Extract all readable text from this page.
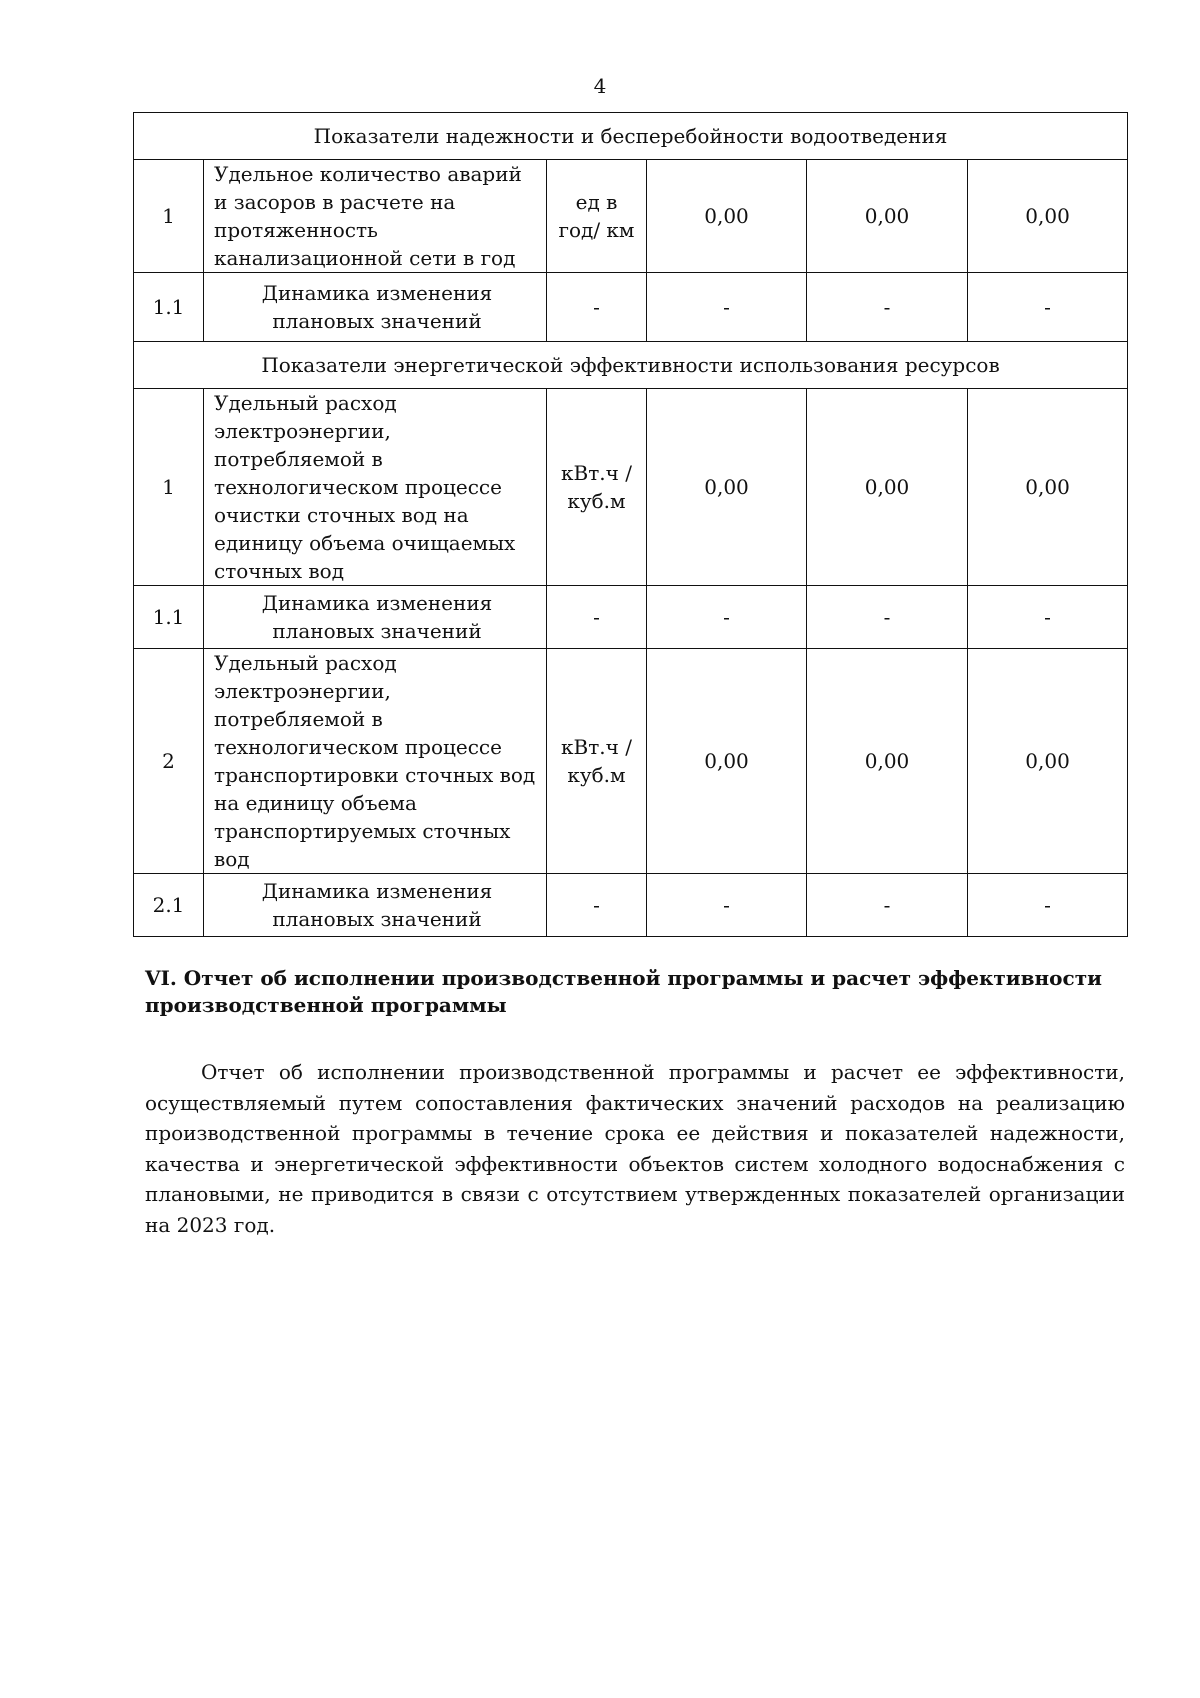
4
Показатели надежности и бесперебойности водоотведения					
1	Удельное количество аварий и засоров в расчете на протяженность канализационной сети в год	ед в год/ км	0,00	0,00	0,00
1.1	Динамика изменения плановых значений	-	-	-	-
Показатели энергетической эффективности использования ресурсов					
1	Удельный расход электроэнергии, потребляемой в технологическом процессе очистки сточных вод на единицу объема очищаемых сточных вод	кВт.ч / куб.м	0,00	0,00	0,00
1.1	Динамика изменения плановых значений	-	-	-	-
2	Удельный расход электроэнергии, потребляемой в технологическом процессе транспортировки сточных вод на единицу объема транспортируемых сточных вод	кВт.ч / куб.м	0,00	0,00	0,00
2.1	Динамика изменения плановых значений	-	-	-	-
VI. Отчет об исполнении производственной программы и расчет эффективности производственной программы

Отчет об исполнении производственной программы и расчет ее эффективности, осуществляемый путем сопоставления фактических значений расходов на реализацию производственной программы в течение срока ее действия и показателей надежности, качества и энергетической эффективности объектов систем холодного водоснабжения с плановыми, не приводится в связи с отсутствием утвержденных показателей организации на 2023 год.
